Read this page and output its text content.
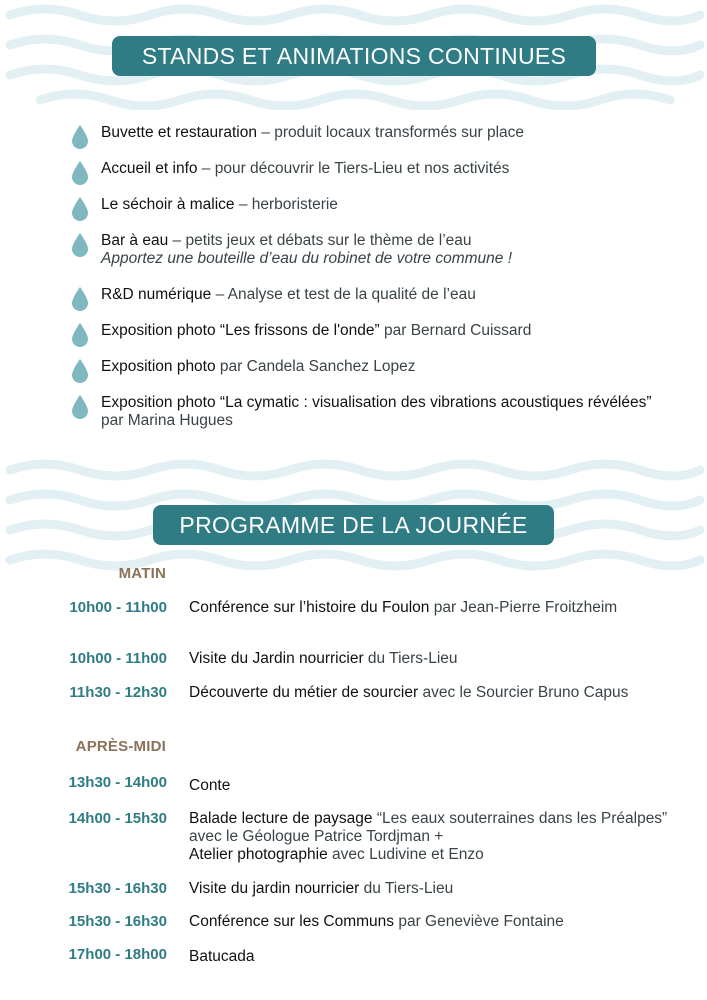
STANDS ET ANIMATIONS CONTINUES
Buvette et restauration – produit locaux transformés sur place
Accueil et info – pour découvrir le Tiers-Lieu et nos activités
Le séchoir à malice – herboristerie
Bar à eau – petits jeux et débats sur le thème de l’eau
Apportez une bouteille d’eau du robinet de votre commune !
R&D numérique – Analyse et test de la qualité de l’eau
Exposition photo “Les frissons de l'onde” par Bernard Cuissard
Exposition photo par Candela Sanchez Lopez
Exposition photo “La cymatic : visualisation des vibrations acoustiques révélées” par Marina Hugues
PROGRAMME DE LA JOURNÉE
MATIN
10h00 - 11h00 Conférence sur l’histoire du Foulon par Jean-Pierre Froitzheim
10h00 - 11h00 Visite du Jardin nourricier du Tiers-Lieu
11h30 - 12h30 Découverte du métier de sourcier avec le Sourcier Bruno Capus
APRÈS-MIDI
13h30 - 14h00 Conte
14h00 - 15h30 Balade lecture de paysage “Les eaux souterraines dans les Préalpes” avec le Géologue Patrice Tordjman +
Atelier photographie avec Ludivine et Enzo
15h30 - 16h30 Visite du jardin nourricier du Tiers-Lieu
15h30 - 16h30 Conférence sur les Communs par Geneviève Fontaine
17h00 - 18h00 Batucada
